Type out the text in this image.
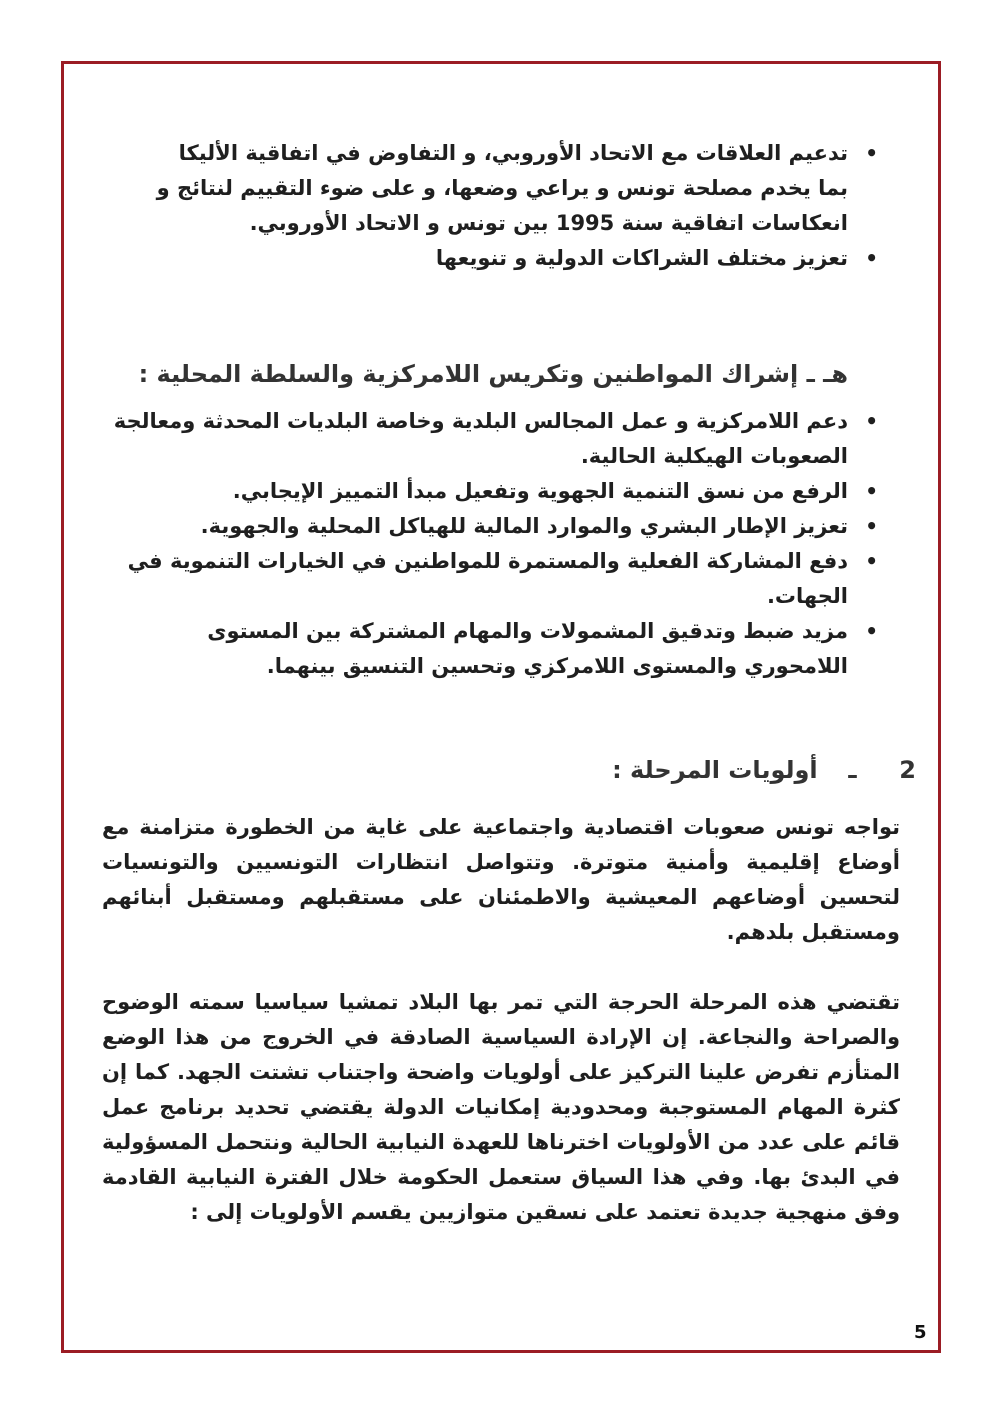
• تدعيم العلاقات مع الاتحاد الأوروبي، و التفاوض في اتفاقية الأليكا بما يخدم مصلحة تونس و يراعي وضعها، و على ضوء التقييم لنتائج و انعكاسات اتفاقية سنة 1995 بين تونس و الاتحاد الأوروبي.
• تعزيز مختلف الشراكات الدولية و تنويعها
هـ ـ إشراك المواطنين وتكريس اللامركزية والسلطة المحلية :
• دعم اللامركزية و عمل المجالس البلدية وخاصة البلديات المحدثة ومعالجة الصعوبات الهيكلية الحالية.
• الرفع من نسق التنمية الجهوية وتفعيل مبدأ التمييز الإيجابي.
• تعزيز الإطار البشري والموارد المالية للهياكل المحلية والجهوية.
• دفع المشاركة الفعلية والمستمرة للمواطنين في الخيارات التنموية في الجهات.
• مزيد ضبط وتدقيق المشمولات والمهام المشتركة بين المستوى اللامحوري والمستوى اللامركزي وتحسين التنسيق بينهما.
2  ـ  أولويات المرحلة :

تواجه تونس صعوبات اقتصادية واجتماعية على غاية من الخطورة متزامنة مع أوضاع إقليمية وأمنية متوترة. وتتواصل انتظارات التونسيين والتونسيات لتحسين أوضاعهم المعيشية والاطمئنان على مستقبلهم ومستقبل أبنائهم ومستقبل بلدهم.

تقتضي هذه المرحلة الحرجة التي تمر بها البلاد تمشيا سياسيا سمته الوضوح والصراحة والنجاعة. إن الإرادة السياسية الصادقة في الخروج من هذا الوضع المتأزم تفرض علينا التركيز على أولويات واضحة واجتناب تشتت الجهد. كما إن كثرة المهام المستوجبة ومحدودية إمكانيات الدولة يقتضي تحديد برنامج عمل قائم على عدد من الأولويات اخترناها للعهدة النيابية الحالية ونتحمل المسؤولية في البدئ بها. وفي هذا السياق ستعمل الحكومة خلال الفترة النيابية القادمة وفق منهجية جديدة تعتمد على نسقين متوازيين يقسم الأولويات إلى :

5
